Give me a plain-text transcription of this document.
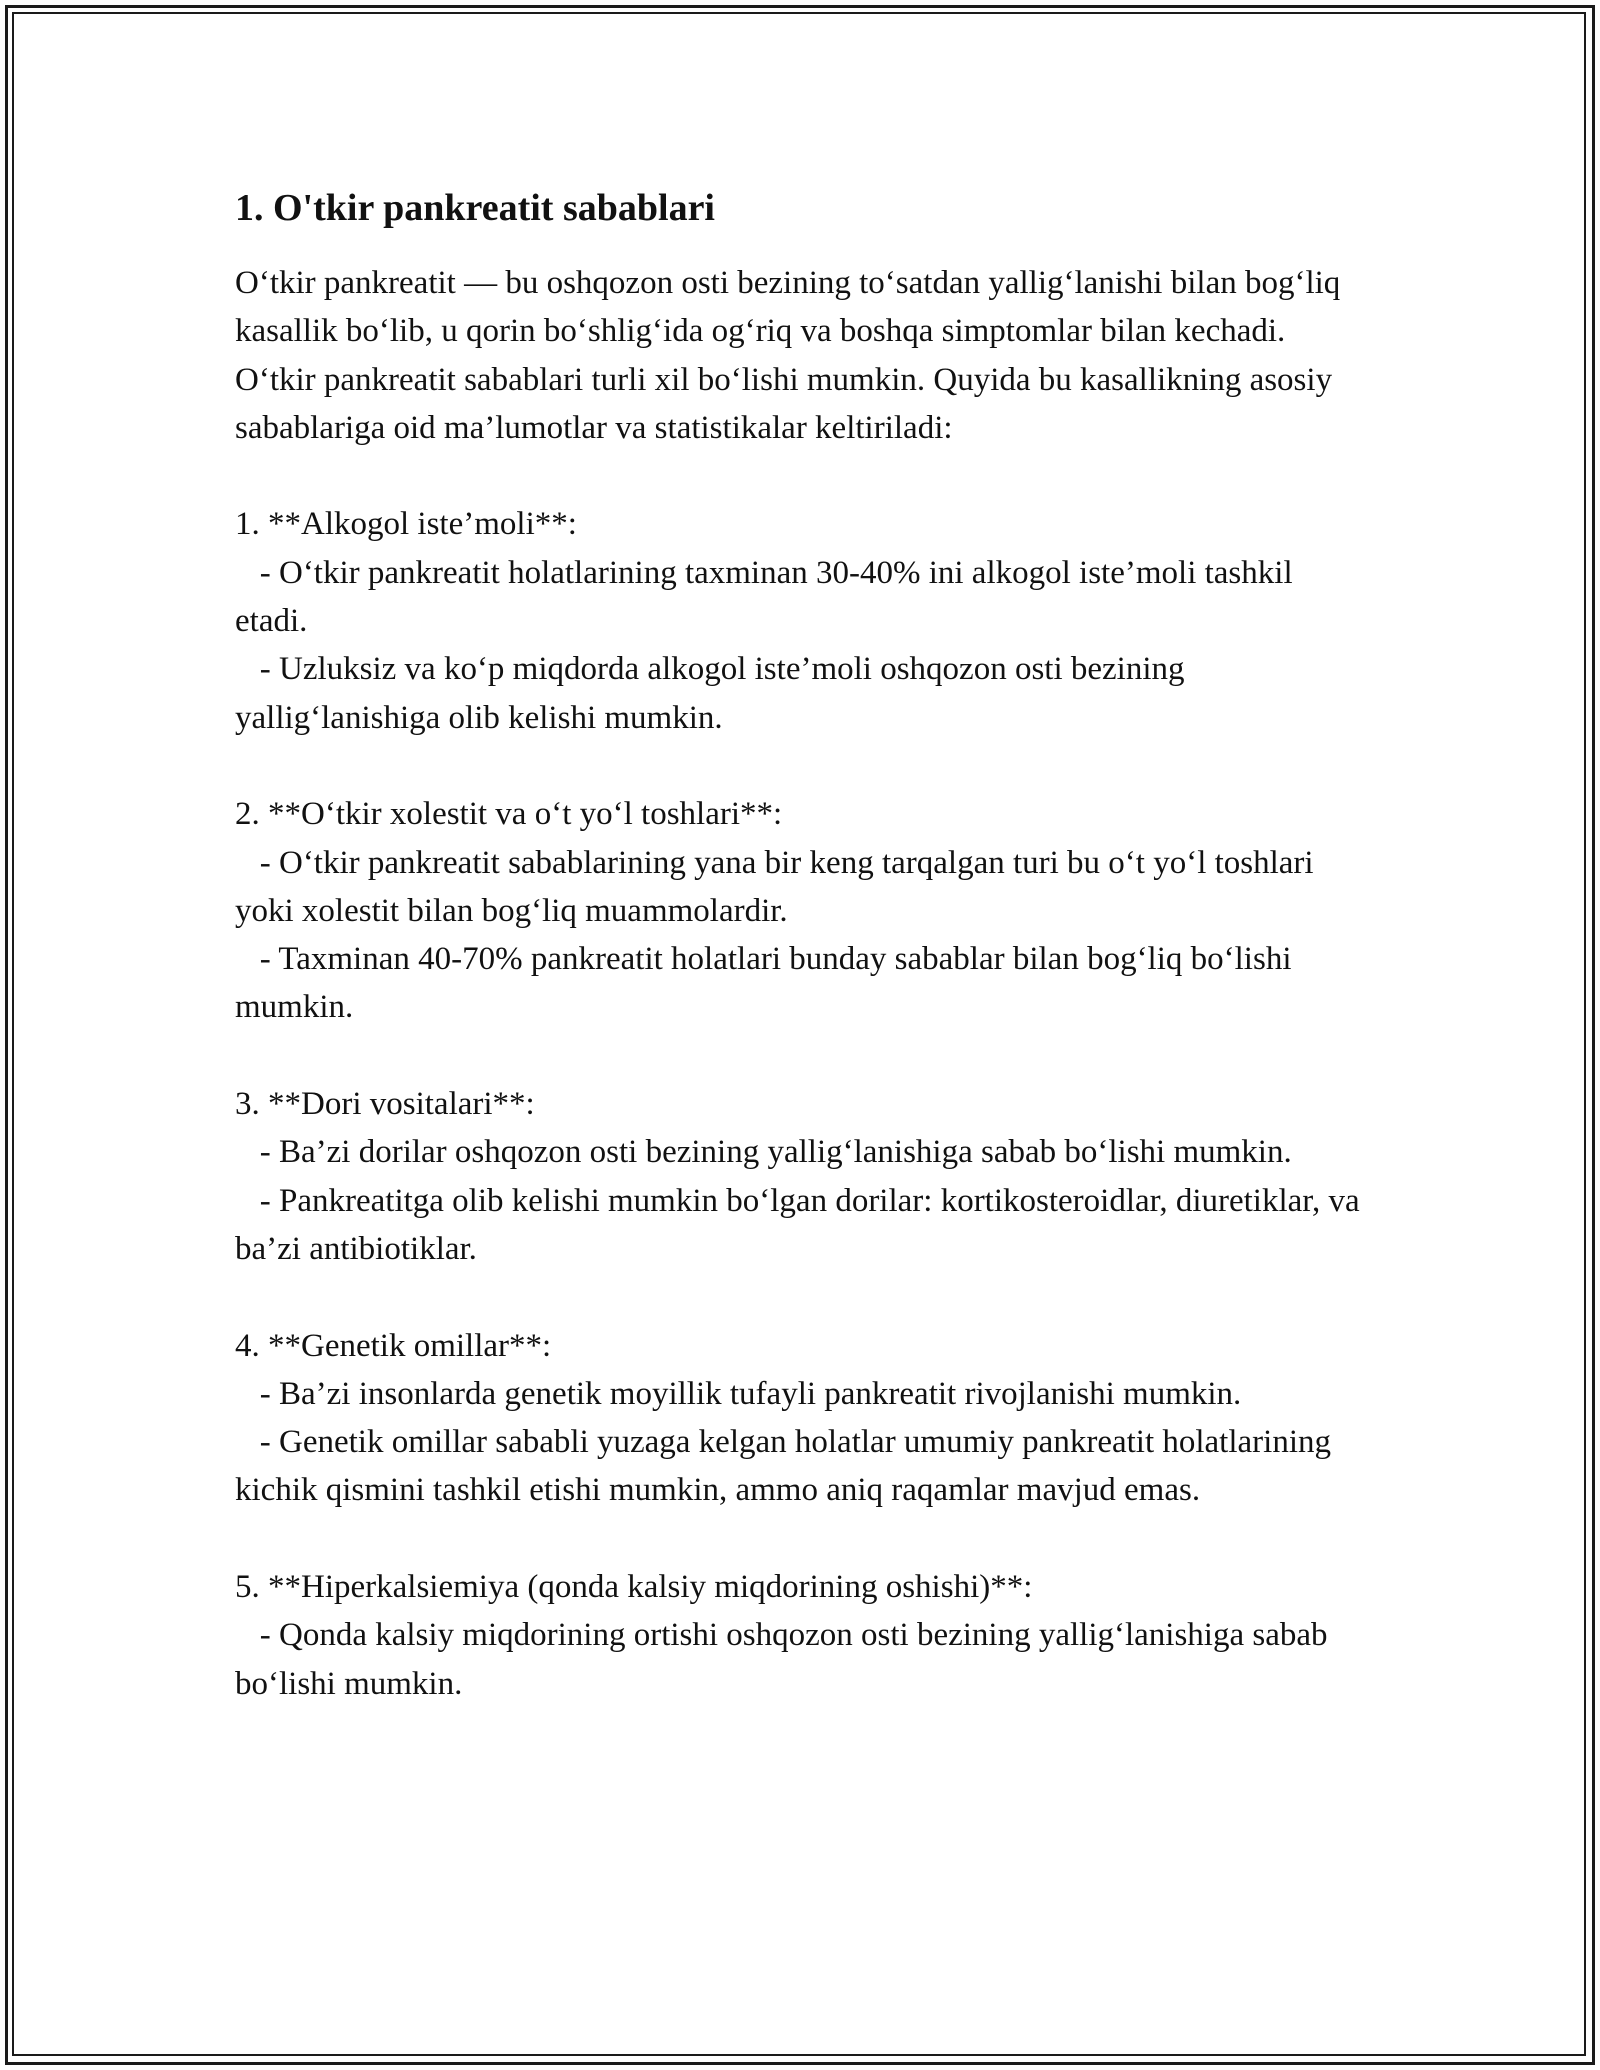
1. O'tkir pankreatit sabablari

O‘tkir pankreatit — bu oshqozon osti bezining to‘satdan yallig‘lanishi bilan bog‘liq kasallik bo‘lib, u qorin bo‘shlig‘ida og‘riq va boshqa simptomlar bilan kechadi. O‘tkir pankreatit sabablari turli xil bo‘lishi mumkin. Quyida bu kasallikning asosiy sabablariga oid ma’lumotlar va statistikalar keltiriladi:

1. **Alkogol iste’moli**:

- O‘tkir pankreatit holatlarining taxminan 30-40% ini alkogol iste’moli tashkil etadi.

- Uzluksiz va ko‘p miqdorda alkogol iste’moli oshqozon osti bezining yallig‘lanishiga olib kelishi mumkin.

2. **O‘tkir xolestit va o‘t yo‘l toshlari**:

- O‘tkir pankreatit sabablarining yana bir keng tarqalgan turi bu o‘t yo‘l toshlari yoki xolestit bilan bog‘liq muammolardir.

- Taxminan 40-70% pankreatit holatlari bunday sabablar bilan bog‘liq bo‘lishi mumkin.

3. **Dori vositalari**:

- Ba’zi dorilar oshqozon osti bezining yallig‘lanishiga sabab bo‘lishi mumkin.

- Pankreatitga olib kelishi mumkin bo‘lgan dorilar: kortikosteroidlar, diuretiklar, va ba’zi antibiotiklar.

4. **Genetik omillar**:

- Ba’zi insonlarda genetik moyillik tufayli pankreatit rivojlanishi mumkin.

- Genetik omillar sababli yuzaga kelgan holatlar umumiy pankreatit holatlarining kichik qismini tashkil etishi mumkin, ammo aniq raqamlar mavjud emas.

5. **Hiperkalsiemiya (qonda kalsiy miqdorining oshishi)**:

- Qonda kalsiy miqdorining ortishi oshqozon osti bezining yallig‘lanishiga sabab bo‘lishi mumkin.
